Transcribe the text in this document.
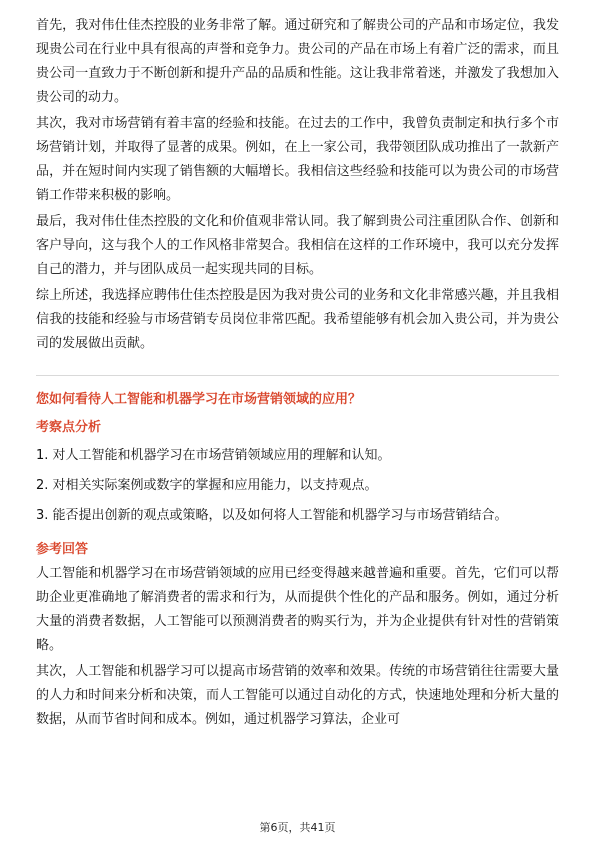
首先，我对伟仕佳杰控股的业务非常了解。通过研究和了解贵公司的产品和市场定位，我发现贵公司在行业中具有很高的声誉和竞争力。贵公司的产品在市场上有着广泛的需求，而且贵公司一直致力于不断创新和提升产品的品质和性能。这让我非常着迷，并激发了我想加入贵公司的动力。

其次，我对市场营销有着丰富的经验和技能。在过去的工作中，我曾负责制定和执行多个市场营销计划，并取得了显著的成果。例如，在上一家公司，我带领团队成功推出了一款新产品，并在短时间内实现了销售额的大幅增长。我相信这些经验和技能可以为贵公司的市场营销工作带来积极的影响。

最后，我对伟仕佳杰控股的文化和价值观非常认同。我了解到贵公司注重团队合作、创新和客户导向，这与我个人的工作风格非常契合。我相信在这样的工作环境中，我可以充分发挥自己的潜力，并与团队成员一起实现共同的目标。

综上所述，我选择应聘伟仕佳杰控股是因为我对贵公司的业务和文化非常感兴趣，并且我相信我的技能和经验与市场营销专员岗位非常匹配。我希望能够有机会加入贵公司，并为贵公司的发展做出贡献。

您如何看待人工智能和机器学习在市场营销领域的应用？

考察点分析

1. 对人工智能和机器学习在市场营销领域应用的理解和认知。

2. 对相关实际案例或数字的掌握和应用能力，以支持观点。

3. 能否提出创新的观点或策略，以及如何将人工智能和机器学习与市场营销结合。

参考回答

人工智能和机器学习在市场营销领域的应用已经变得越来越普遍和重要。首先，它们可以帮助企业更准确地了解消费者的需求和行为，从而提供个性化的产品和服务。例如，通过分析大量的消费者数据，人工智能可以预测消费者的购买行为，并为企业提供有针对性的营销策略。

其次，人工智能和机器学习可以提高市场营销的效率和效果。传统的市场营销往往需要大量的人力和时间来分析和决策，而人工智能可以通过自动化的方式，快速地处理和分析大量的数据，从而节省时间和成本。例如，通过机器学习算法，企业可

第6页，共41页
